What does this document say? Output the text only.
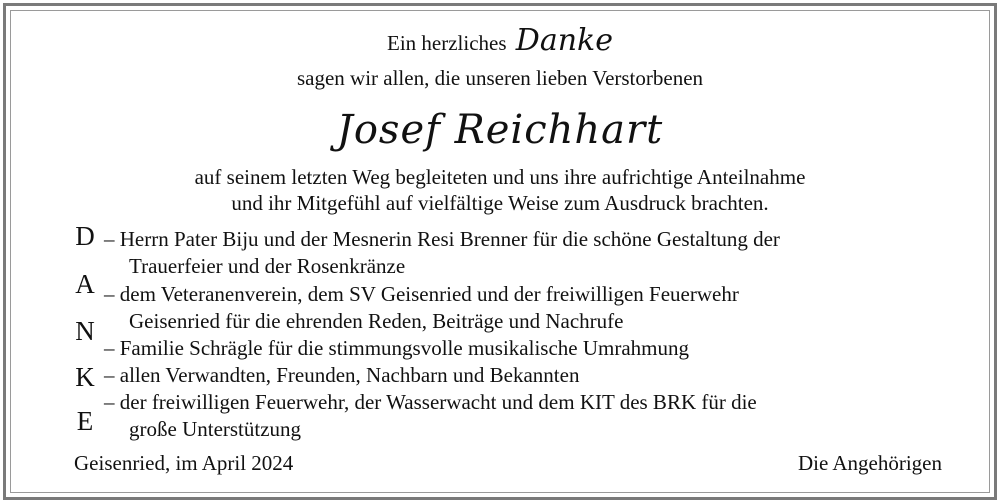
Ein herzliches Danke
sagen wir allen, die unseren lieben Verstorbenen
Josef Reichhart
auf seinem letzten Weg begleiteten und uns ihre aufrichtige Anteilnahme
und ihr Mitgefühl auf vielfältige Weise zum Ausdruck brachten.
D
A
N
K
E
– Herrn Pater Biju und der Mesnerin Resi Brenner für die schöne Gestaltung der
Trauerfeier und der Rosenkränze
– dem Veteranenverein, dem SV Geisenried und der freiwilligen Feuerwehr
Geisenried für die ehrenden Reden, Beiträge und Nachrufe
– Familie Schrägle für die stimmungsvolle musikalische Umrahmung
– allen Verwandten, Freunden, Nachbarn und Bekannten
– der freiwilligen Feuerwehr, der Wasserwacht und dem KIT des BRK für die
große Unterstützung
Geisenried, im April 2024	Die Angehörigen
